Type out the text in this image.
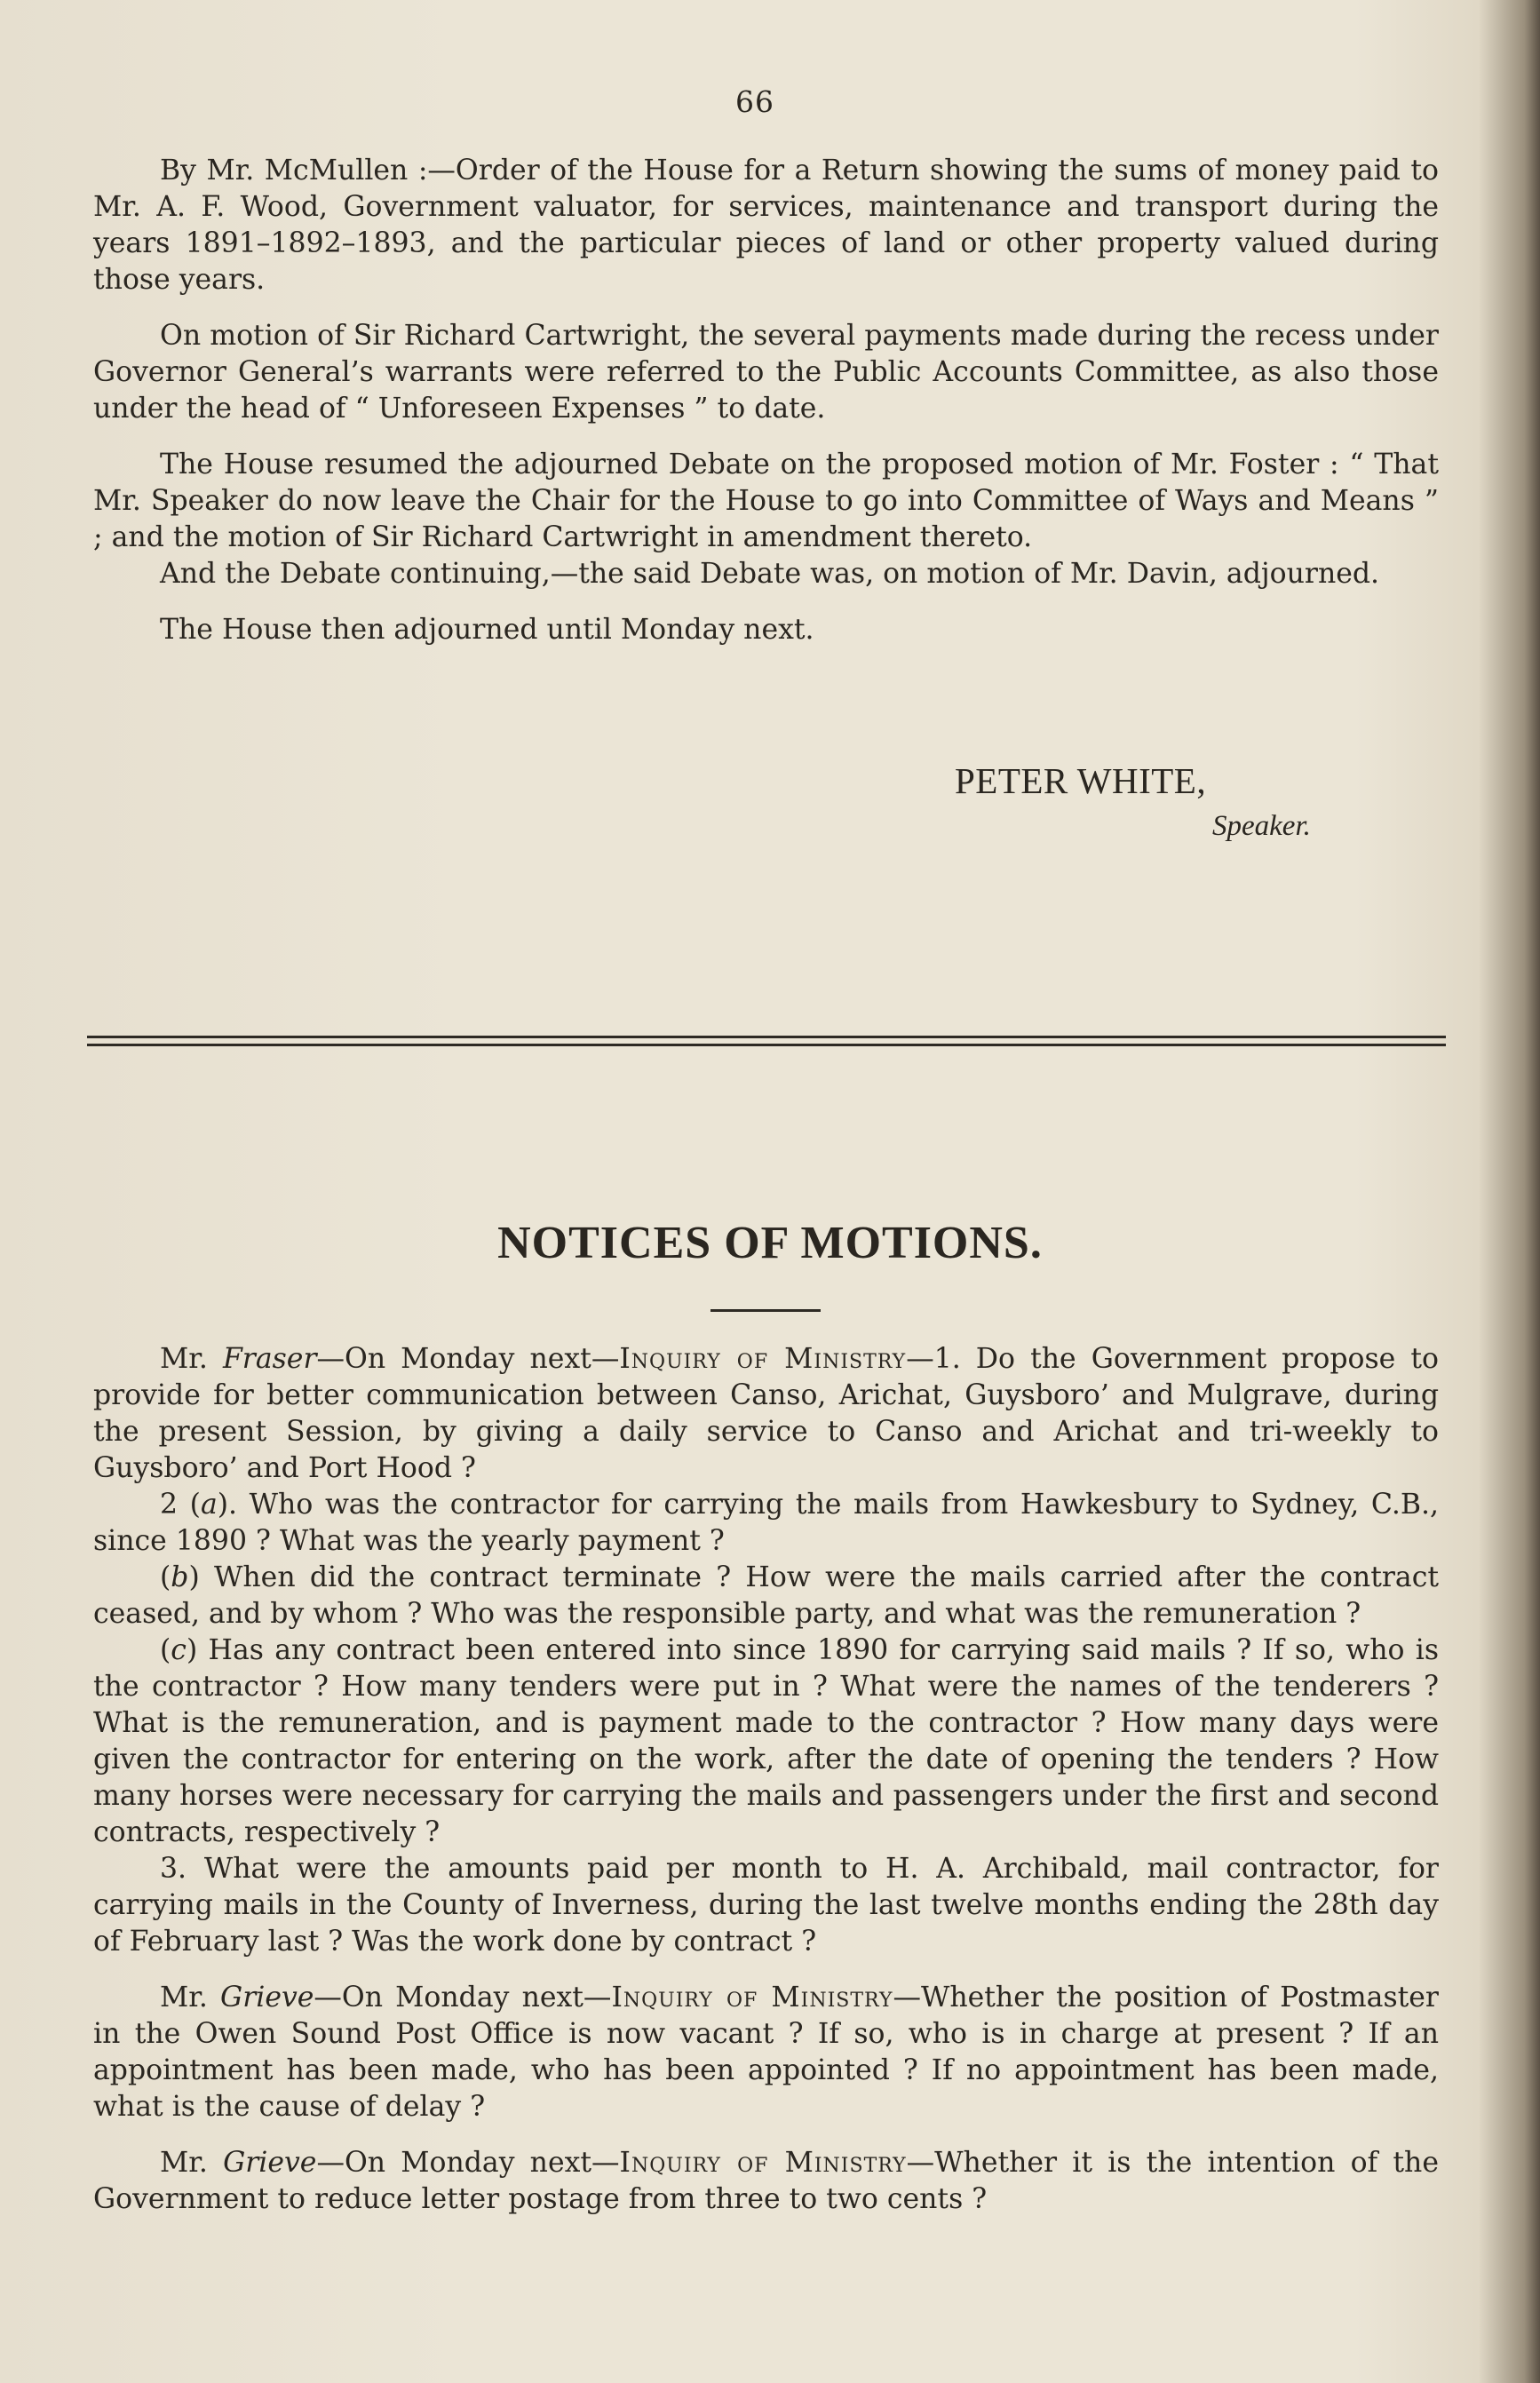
66

By Mr. McMullen :—Order of the House for a Return showing the sums of money paid to Mr. A. F. Wood, Government valuator, for services, maintenance and transport during the years 1891–1892–1893, and the particular pieces of land or other property valued during those years.

On motion of Sir Richard Cartwright, the several payments made during the recess under Governor General’s warrants were referred to the Public Accounts Committee, as also those under the head of “ Unforeseen Expenses ” to date.

The House resumed the adjourned Debate on the proposed motion of Mr. Foster : “ That Mr. Speaker do now leave the Chair for the House to go into Committee of Ways and Means ” ; and the motion of Sir Richard Cartwright in amendment thereto.

And the Debate continuing,—the said Debate was, on motion of Mr. Davin, adjourned.

The House then adjourned until Monday next.

PETER WHITE,
Speaker.
NOTICES OF MOTIONS.

Mr. Fraser—On Monday next—Inquiry of Ministry—1. Do the Government propose to provide for better communication between Canso, Arichat, Guysboro’ and Mulgrave, during the present Session, by giving a daily service to Canso and Arichat and tri-weekly to Guysboro’ and Port Hood ?

2 (a). Who was the contractor for carrying the mails from Hawkesbury to Sydney, C.B., since 1890 ? What was the yearly payment ?

(b) When did the contract terminate ? How were the mails carried after the contract ceased, and by whom ? Who was the responsible party, and what was the remuneration ?

(c) Has any contract been entered into since 1890 for carrying said mails ? If so, who is the contractor ? How many tenders were put in ? What were the names of the tenderers ? What is the remuneration, and is payment made to the contractor ? How many days were given the contractor for entering on the work, after the date of opening the tenders ? How many horses were necessary for carrying the mails and passengers under the first and second contracts, respectively ?

3. What were the amounts paid per month to H. A. Archibald, mail contractor, for carrying mails in the County of Inverness, during the last twelve months ending the 28th day of February last ? Was the work done by contract ?

Mr. Grieve—On Monday next—Inquiry of Ministry—Whether the position of Postmaster in the Owen Sound Post Office is now vacant ? If so, who is in charge at present ? If an appointment has been made, who has been appointed ? If no appointment has been made, what is the cause of delay ?

Mr. Grieve—On Monday next—Inquiry of Ministry—Whether it is the intention of the Government to reduce letter postage from three to two cents ?
